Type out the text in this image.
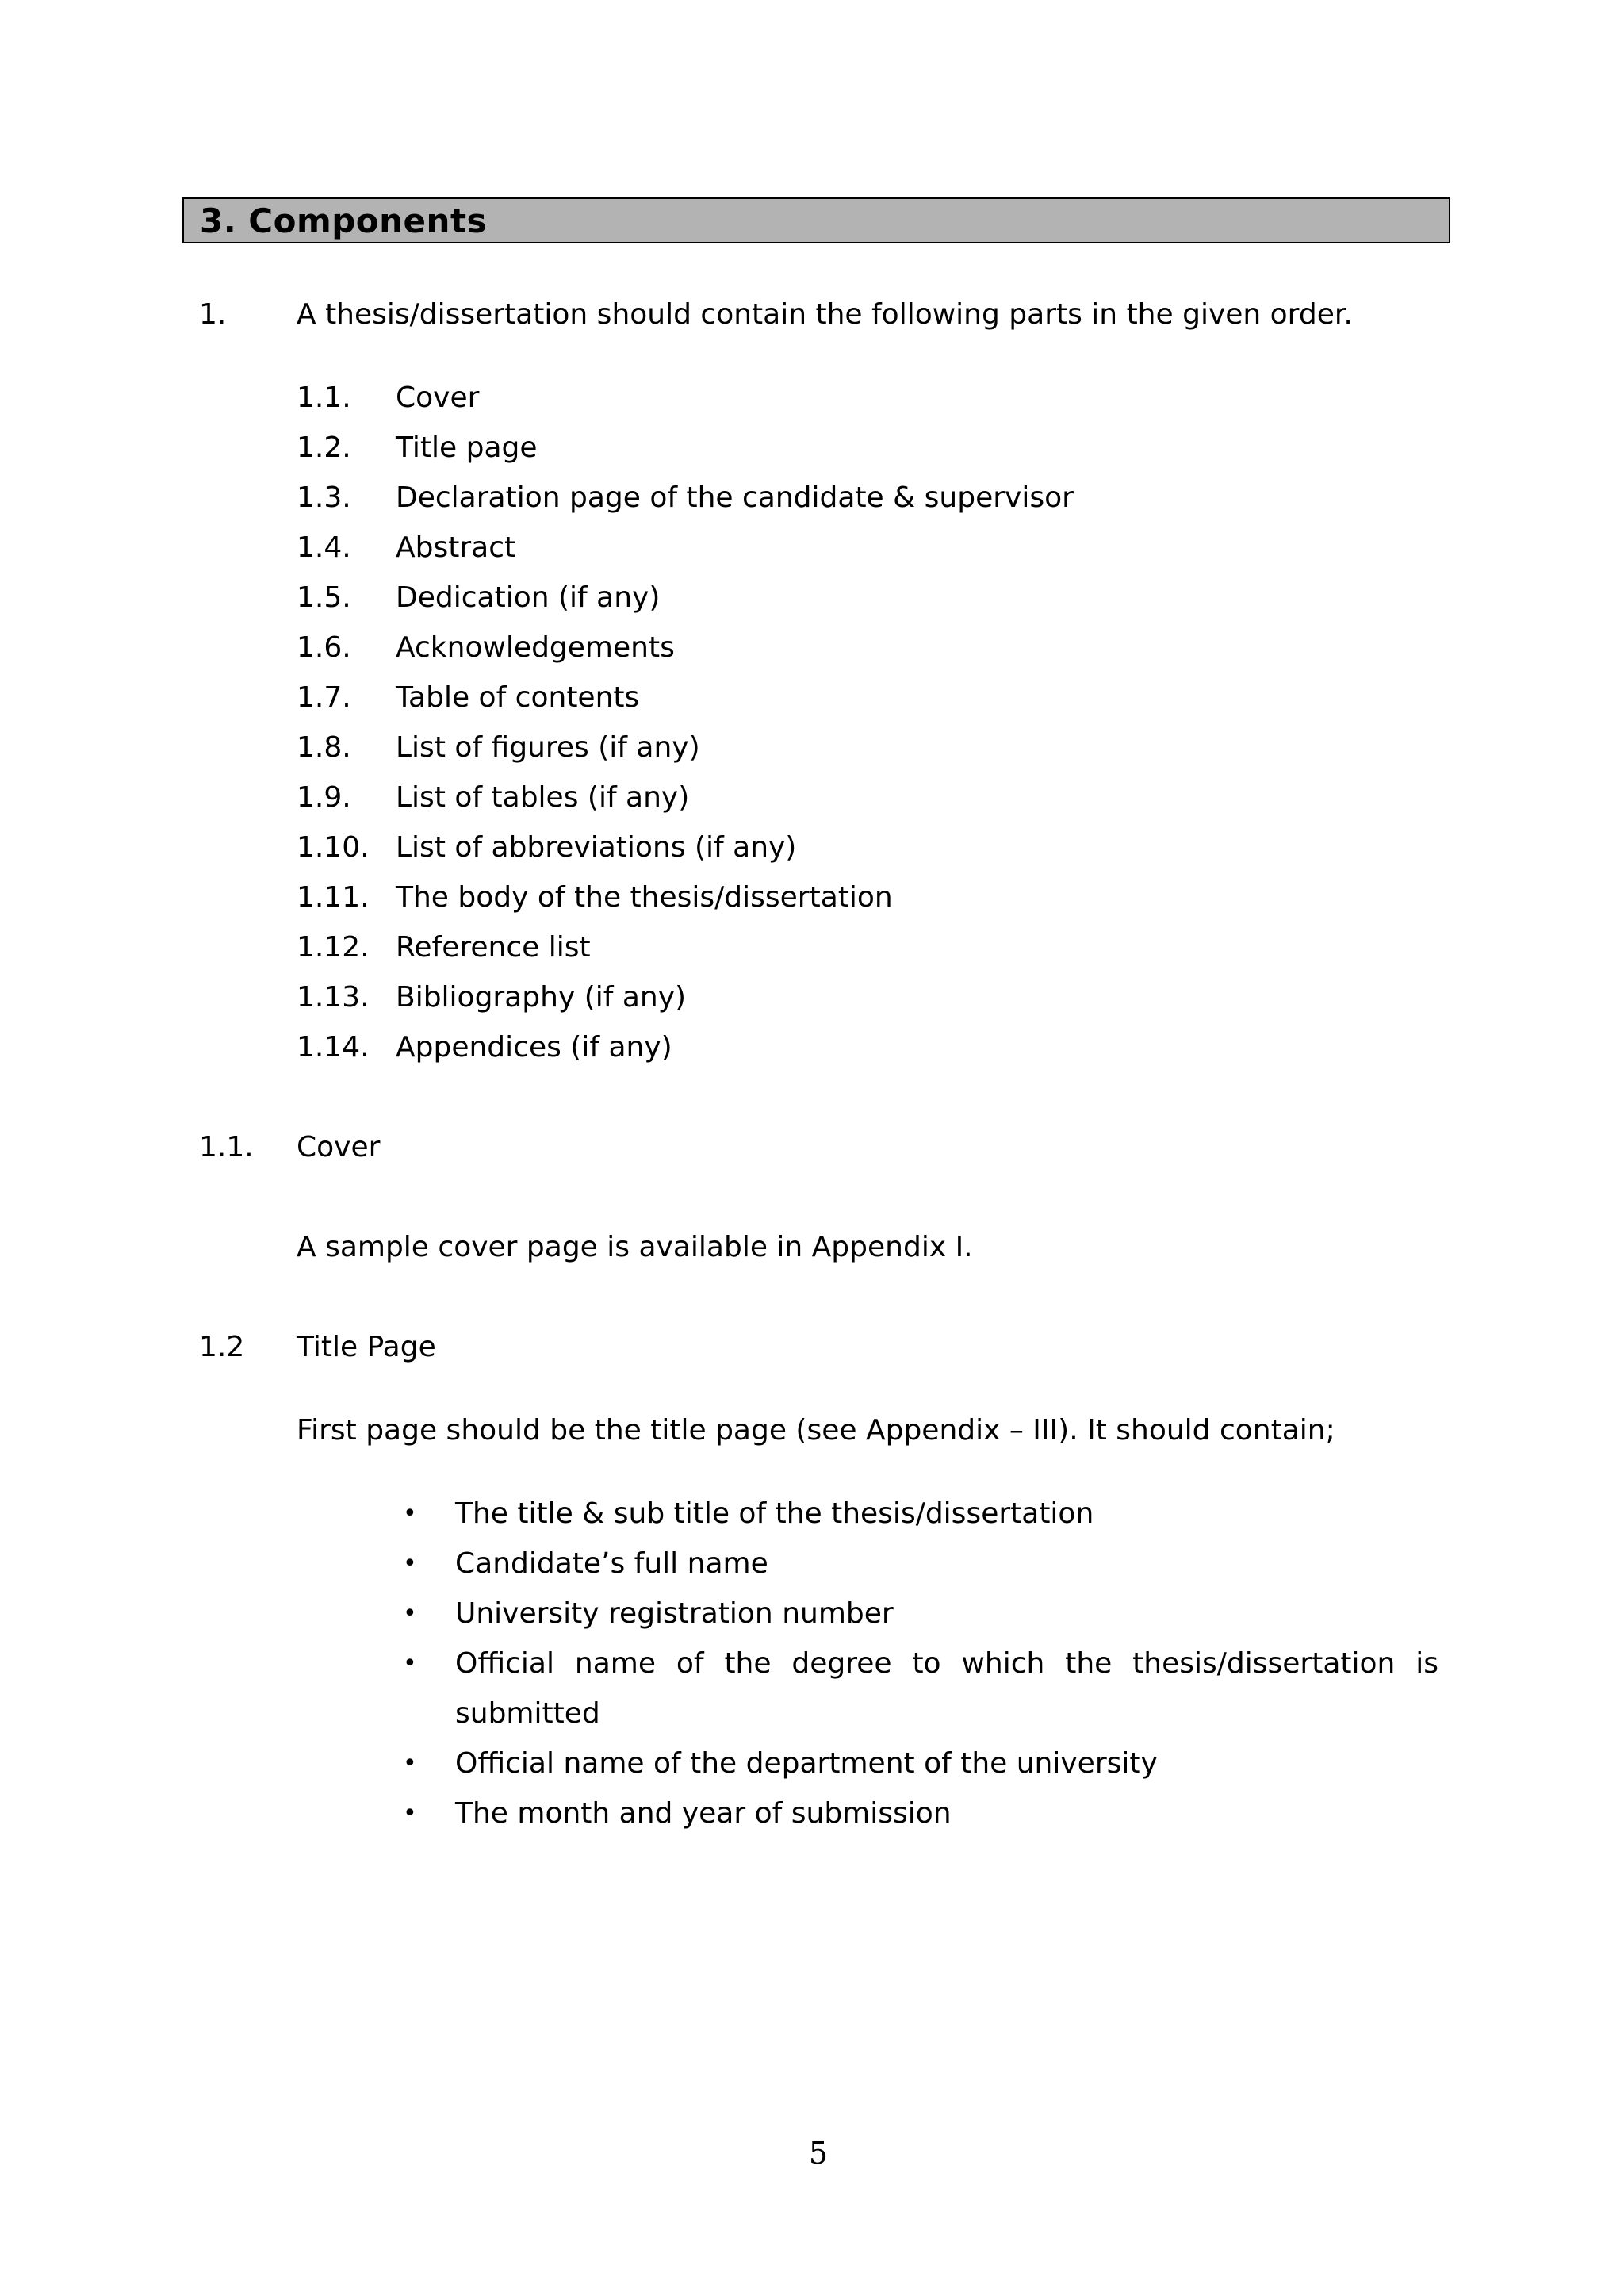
3. Components
1. A thesis/dissertation should contain the following parts in the given order.
1.1. Cover
1.2. Title page
1.3. Declaration page of the candidate & supervisor
1.4. Abstract
1.5. Dedication (if any)
1.6. Acknowledgements
1.7. Table of contents
1.8. List of figures (if any)
1.9. List of tables (if any)
1.10. List of abbreviations (if any)
1.11. The body of the thesis/dissertation
1.12. Reference list
1.13. Bibliography (if any)
1.14. Appendices (if any)
1.1. Cover
A sample cover page is available in Appendix I.
1.2 Title Page
First page should be the title page (see Appendix – III). It should contain;
• The title & sub title of the thesis/dissertation
• Candidate’s full name
• University registration number
• Official name of the degree to which the thesis/dissertation is
submitted
• Official name of the department of the university
• The month and year of submission
5
